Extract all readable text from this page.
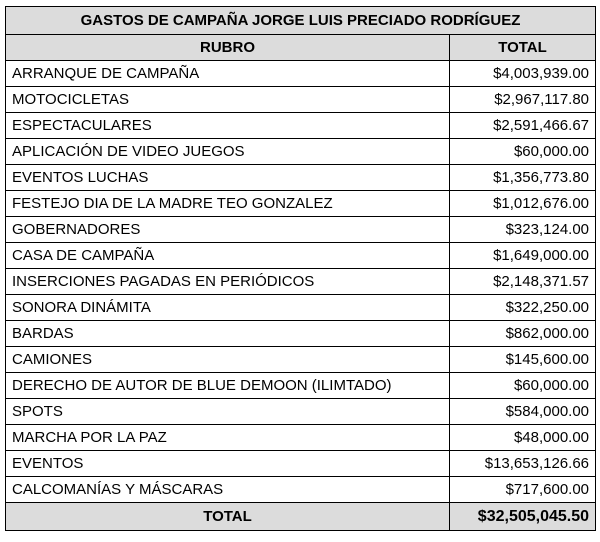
GASTOS DE CAMPAÑA JORGE LUIS PRECIADO RODRÍGUEZ	
RUBRO	TOTAL
ARRANQUE DE CAMPAÑA	$4,003,939.00
MOTOCICLETAS	$2,967,117.80
ESPECTACULARES	$2,591,466.67
APLICACIÓN DE VIDEO JUEGOS	$60,000.00
EVENTOS LUCHAS	$1,356,773.80
FESTEJO DIA DE LA MADRE TEO GONZALEZ	$1,012,676.00
GOBERNADORES	$323,124.00
CASA DE CAMPAÑA	$1,649,000.00
INSERCIONES PAGADAS EN PERIÓDICOS	$2,148,371.57
SONORA DINÁMITA	$322,250.00
BARDAS	$862,000.00
CAMIONES	$145,600.00
DERECHO DE AUTOR DE BLUE DEMOON (ILIMTADO)	$60,000.00
SPOTS	$584,000.00
MARCHA POR LA PAZ	$48,000.00
EVENTOS	$13,653,126.66
CALCOMANÍAS Y MÁSCARAS	$717,600.00
TOTAL	$32,505,045.50
